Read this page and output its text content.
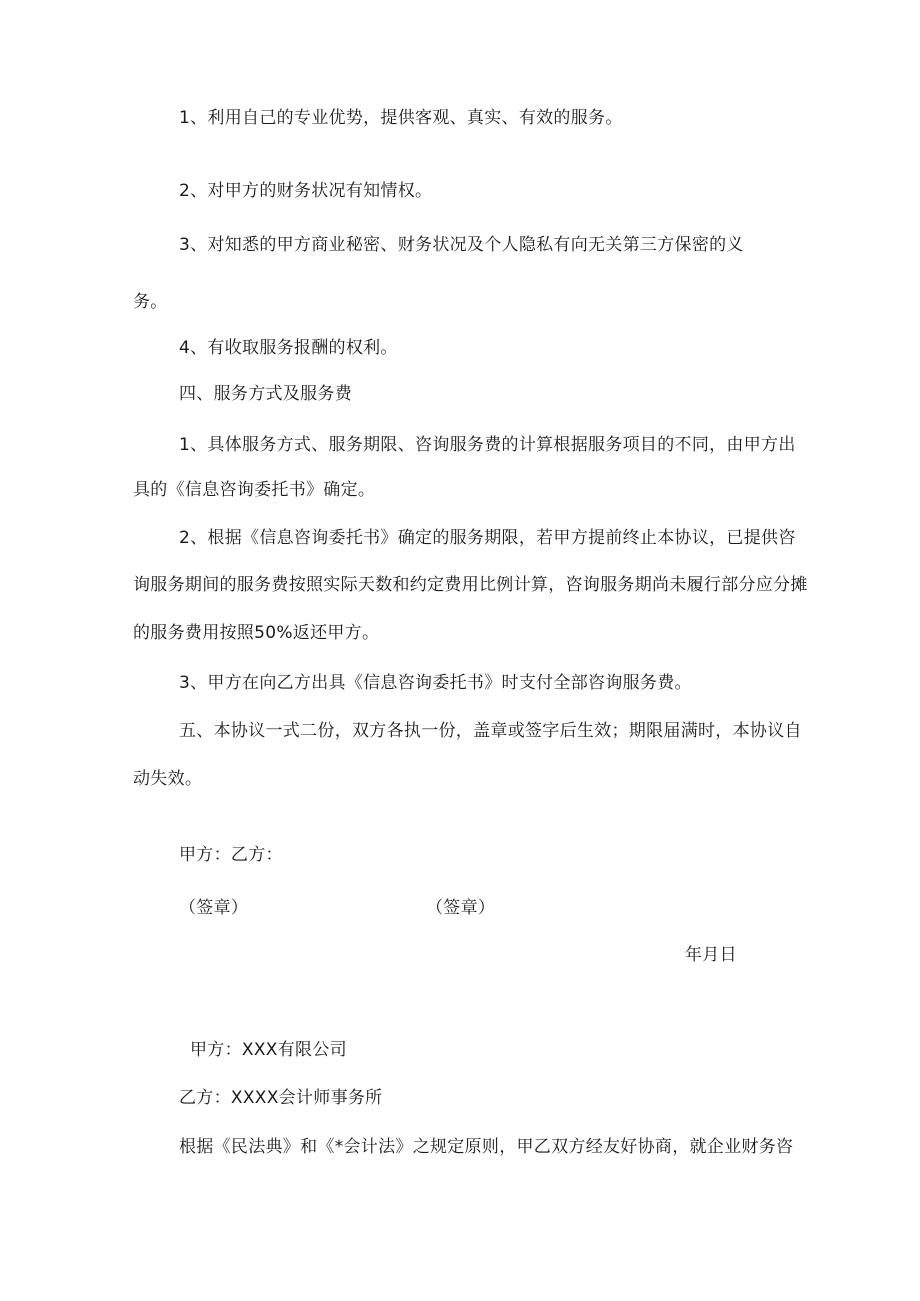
1、利用自己的专业优势，提供客观、真实、有效的服务。
2、对甲方的财务状况有知情权。
3、对知悉的甲方商业秘密、财务状况及个人隐私有向无关第三方保密的义
务。
4、有收取服务报酬的权利。
四、服务方式及服务费
1、具体服务方式、服务期限、咨询服务费的计算根据服务项目的不同，由甲方出
具的《信息咨询委托书》确定。
2、根据《信息咨询委托书》确定的服务期限，若甲方提前终止本协议，已提供咨
询服务期间的服务费按照实际天数和约定费用比例计算，咨询服务期尚未履行部分应分摊
的服务费用按照50%返还甲方。
3、甲方在向乙方出具《信息咨询委托书》时支付全部咨询服务费。
五、本协议一式二份，双方各执一份，盖章或签字后生效；期限届满时，本协议自
动失效。
甲方：乙方：
（签章）	（签章）
年月日
甲方：XXX有限公司
乙方：XXXX会计师事务所
根据《民法典》和《*会计法》之规定原则，甲乙双方经友好协商，就企业财务咨
